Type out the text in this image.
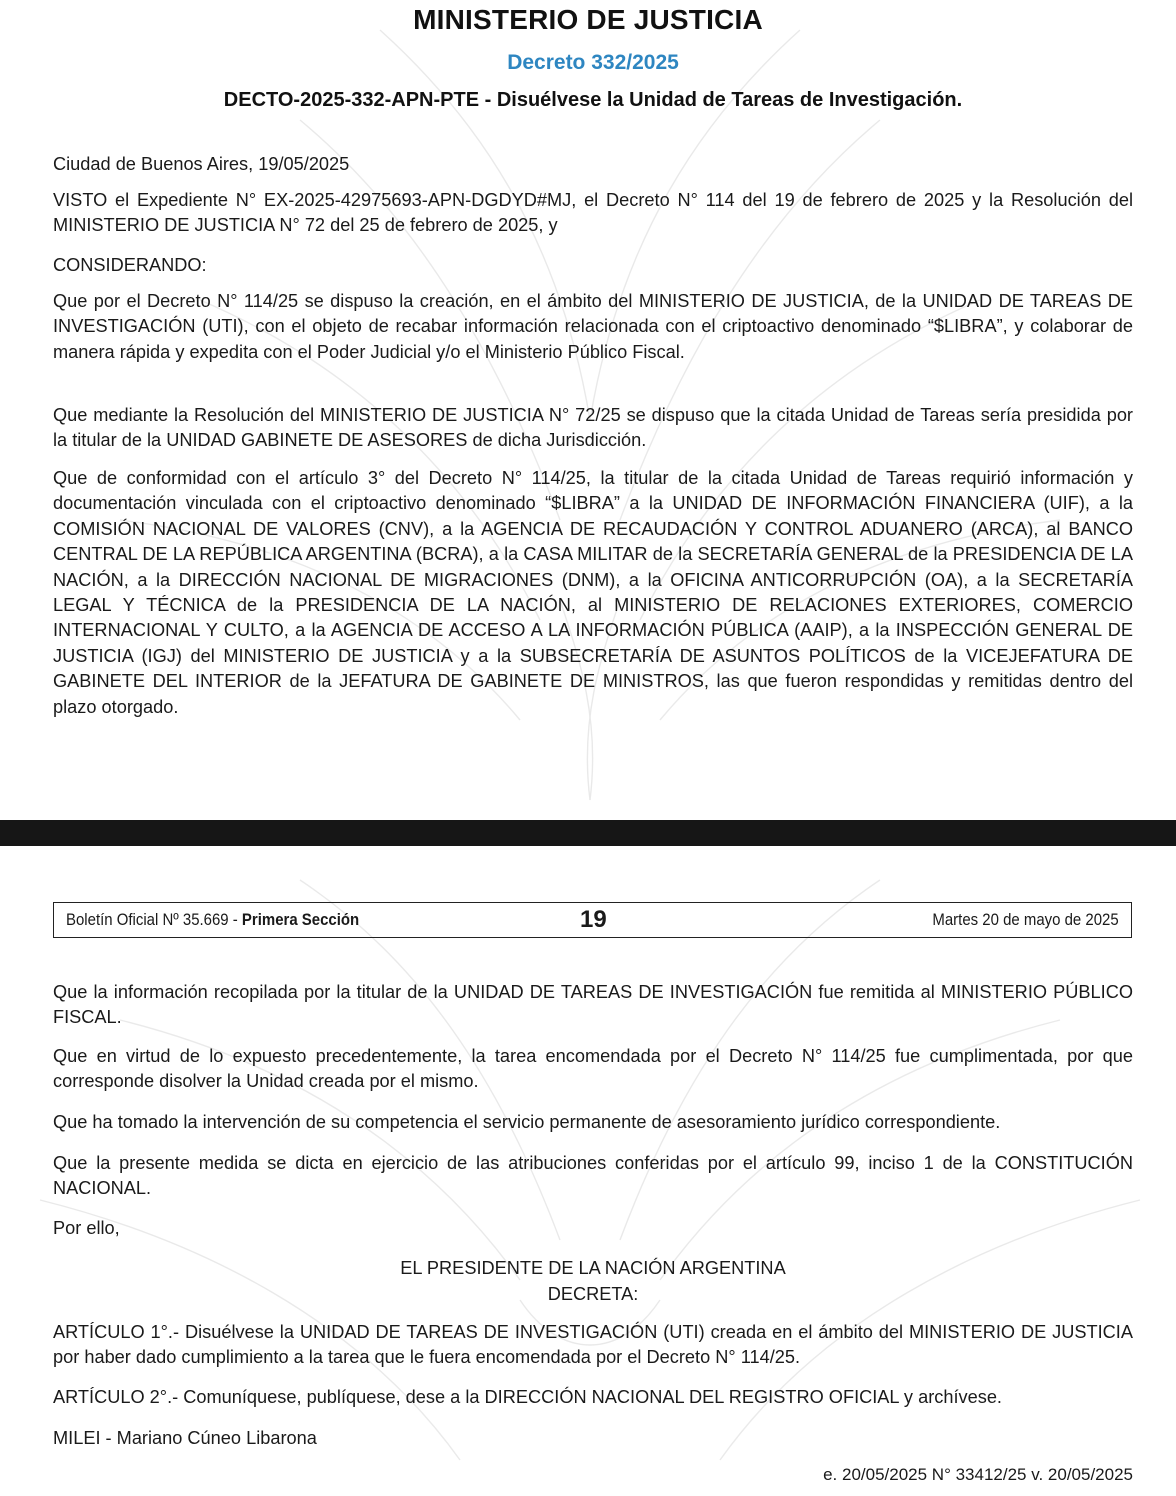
MINISTERIO DE JUSTICIA
Decreto 332/2025
DECTO-2025-332-APN-PTE - Disuélvese la Unidad de Tareas de Investigación.
Ciudad de Buenos Aires, 19/05/2025
VISTO el Expediente N° EX-2025-42975693-APN-DGDYD#MJ, el Decreto N° 114 del 19 de febrero de 2025 y la Resolución del MINISTERIO DE JUSTICIA N° 72 del 25 de febrero de 2025, y
CONSIDERANDO:
Que por el Decreto N° 114/25 se dispuso la creación, en el ámbito del MINISTERIO DE JUSTICIA, de la UNIDAD DE TAREAS DE INVESTIGACIÓN (UTI), con el objeto de recabar información relacionada con el criptoactivo denominado “$LIBRA”, y colaborar de manera rápida y expedita con el Poder Judicial y/o el Ministerio Público Fiscal.
Que mediante la Resolución del MINISTERIO DE JUSTICIA N° 72/25 se dispuso que la citada Unidad de Tareas sería presidida por la titular de la UNIDAD GABINETE DE ASESORES de dicha Jurisdicción.
Que de conformidad con el artículo 3° del Decreto N° 114/25, la titular de la citada Unidad de Tareas requirió información y documentación vinculada con el criptoactivo denominado “$LIBRA” a la UNIDAD DE INFORMACIÓN FINANCIERA (UIF), a la COMISIÓN NACIONAL DE VALORES (CNV), a la AGENCIA DE RECAUDACIÓN Y CONTROL ADUANERO (ARCA), al BANCO CENTRAL DE LA REPÚBLICA ARGENTINA (BCRA), a la CASA MILITAR de la SECRETARÍA GENERAL de la PRESIDENCIA DE LA NACIÓN, a la DIRECCIÓN NACIONAL DE MIGRACIONES (DNM), a la OFICINA ANTICORRUPCIÓN (OA), a la SECRETARÍA LEGAL Y TÉCNICA de la PRESIDENCIA DE LA NACIÓN, al MINISTERIO DE RELACIONES EXTERIORES, COMERCIO INTERNACIONAL Y CULTO, a la AGENCIA DE ACCESO A LA INFORMACIÓN PÚBLICA (AAIP), a la INSPECCIÓN GENERAL DE JUSTICIA (IGJ) del MINISTERIO DE JUSTICIA y a la SUBSECRETARÍA DE ASUNTOS POLÍTICOS de la VICEJEFATURA DE GABINETE DEL INTERIOR de la JEFATURA DE GABINETE DE MINISTROS, las que fueron respondidas y remitidas dentro del plazo otorgado.
Boletín Oficial Nº 35.669 - Primera Sección	19	Martes 20 de mayo de 2025
Que la información recopilada por la titular de la UNIDAD DE TAREAS DE INVESTIGACIÓN fue remitida al MINISTERIO PÚBLICO FISCAL.
Que en virtud de lo expuesto precedentemente, la tarea encomendada por el Decreto N° 114/25 fue cumplimentada, por que corresponde disolver la Unidad creada por el mismo.
Que ha tomado la intervención de su competencia el servicio permanente de asesoramiento jurídico correspondiente.
Que la presente medida se dicta en ejercicio de las atribuciones conferidas por el artículo 99, inciso 1 de la CONSTITUCIÓN NACIONAL.
Por ello,
EL PRESIDENTE DE LA NACIÓN ARGENTINA
DECRETA:
ARTÍCULO 1°.- Disuélvese la UNIDAD DE TAREAS DE INVESTIGACIÓN (UTI) creada en el ámbito del MINISTERIO DE JUSTICIA por haber dado cumplimiento a la tarea que le fuera encomendada por el Decreto N° 114/25.
ARTÍCULO 2°.- Comuníquese, publíquese, dese a la DIRECCIÓN NACIONAL DEL REGISTRO OFICIAL y archívese.
MILEI - Mariano Cúneo Libarona
e. 20/05/2025 N° 33412/25 v. 20/05/2025
